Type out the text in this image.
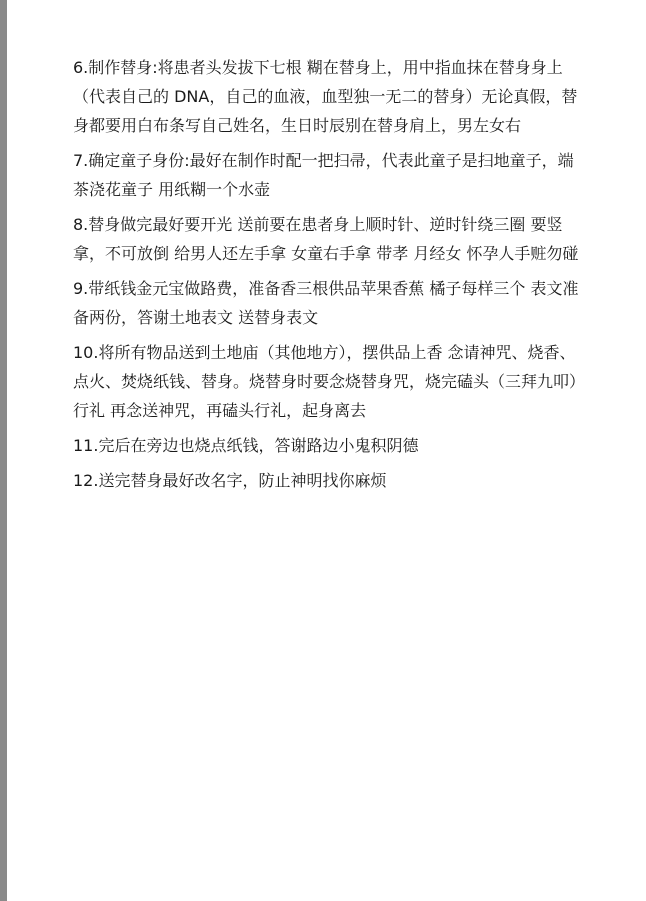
6.制作替身:将患者头发拔下七根 糊在替身上，用中指血抹在替身身上（代表自己的 DNA，自己的血液，血型独一无二的替身）无论真假，替身都要用白布条写自己姓名，生日时辰别在替身肩上，男左女右

7.确定童子身份:最好在制作时配一把扫帚，代表此童子是扫地童子，端茶浇花童子 用纸糊一个水壶

8.替身做完最好要开光 送前要在患者身上顺时针、逆时针绕三圈 要竖拿，不可放倒 给男人还左手拿 女童右手拿 带孝 月经女 怀孕人手赃勿碰

9.带纸钱金元宝做路费，准备香三根供品苹果香蕉 橘子每样三个 表文准备两份，答谢土地表文 送替身表文

10.将所有物品送到土地庙（其他地方），摆供品上香 念请神咒、烧香、点火、焚烧纸钱、替身。烧替身时要念烧替身咒，烧完磕头（三拜九叩）行礼 再念送神咒，再磕头行礼，起身离去

11.完后在旁边也烧点纸钱，答谢路边小鬼积阴德

12.送完替身最好改名字，防止神明找你麻烦
